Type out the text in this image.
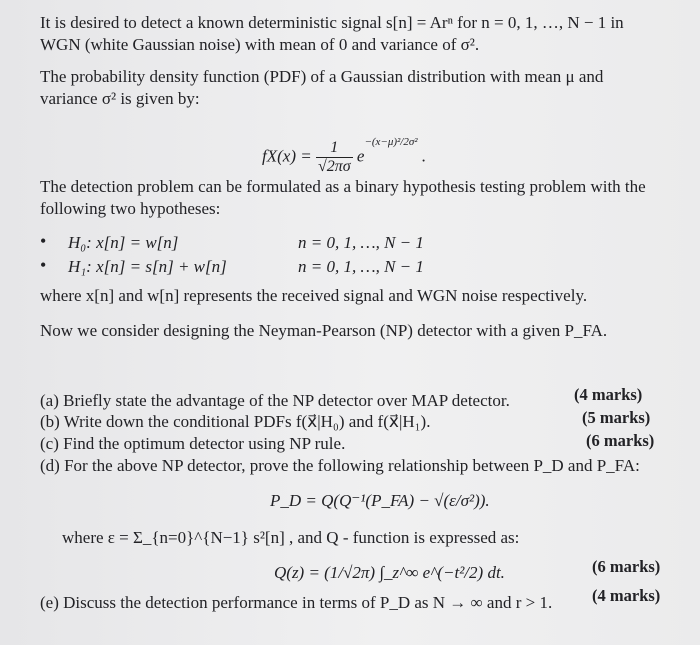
It is desired to detect a known deterministic signal s[n] = Arⁿ for n = 0, 1, …, N − 1 in
WGN (white Gaussian noise) with mean of 0 and variance of σ².
The probability density function (PDF) of a Gaussian distribution with mean μ and
variance σ² is given by:
$fX(x) = \frac{1}{√2\pi\sigma} e^{-(x-\mu)^2/2\sigma^2}$ .
The detection problem can be formulated as a binary hypothesis testing problem with the
following two hypotheses:
• H₀: x[n] = w[n]	n = 0, 1, …, N − 1
• H₁: x[n] = s[n] + w[n]	n = 0, 1, …, N − 1
where x[n] and w[n] represents the received signal and WGN noise respectively.
Now we consider designing the Neyman-Pearson (NP) detector with a given P_FA.
(a) Briefly state the advantage of the NP detector over MAP detector.	(4 marks)
(b) Write down the conditional PDFs f(x⃗|H₀) and f(x⃗|H₁).	(5 marks)
(c) Find the optimum detector using NP rule.	(6 marks)
(d) For the above NP detector, prove the following relationship between P_D and P_FA:
P_D = Q(Q⁻¹(P_FA) − √(ε/σ²)).
where ε = Σ_{n=0}^{N−1} s²[n] , and Q - function is expressed as:
Q(z) = (1/√2π) ∫_z^∞ e^(−t²/2) dt.	(6 marks)
(e) Discuss the detection performance in terms of P_D as N → ∞ and r > 1. (4 marks)
